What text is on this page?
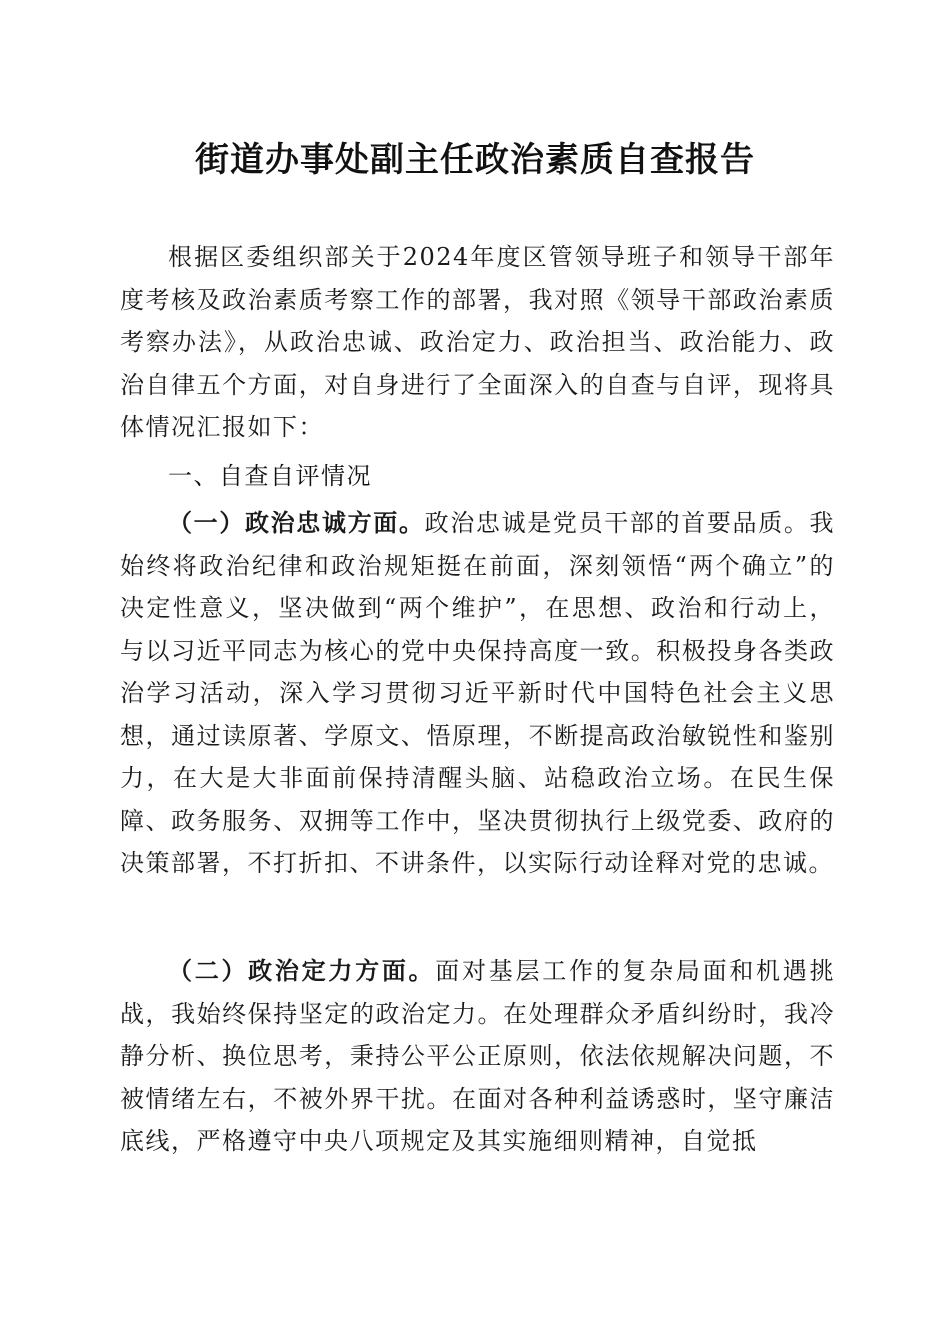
街道办事处副主任政治素质自查报告

根据区委组织部关于2024年度区管领导班子和领导干部年度考核及政治素质考察工作的部署，我对照《领导干部政治素质考察办法》，从政治忠诚、政治定力、政治担当、政治能力、政治自律五个方面，对自身进行了全面深入的自查与自评，现将具体情况汇报如下：

一、自查自评情况

（一）政治忠诚方面。政治忠诚是党员干部的首要品质。我始终将政治纪律和政治规矩挺在前面，深刻领悟“两个确立”的决定性意义，坚决做到“两个维护”，在思想、政治和行动上，与以习近平同志为核心的党中央保持高度一致。积极投身各类政治学习活动，深入学习贯彻习近平新时代中国特色社会主义思想，通过读原著、学原文、悟原理，不断提高政治敏锐性和鉴别力，在大是大非面前保持清醒头脑、站稳政治立场。在民生保障、政务服务、双拥等工作中，坚决贯彻执行上级党委、政府的决策部署，不打折扣、不讲条件，以实际行动诠释对党的忠诚。

（二）政治定力方面。面对基层工作的复杂局面和机遇挑战，我始终保持坚定的政治定力。在处理群众矛盾纠纷时，我冷静分析、换位思考，秉持公平公正原则，依法依规解决问题，不被情绪左右，不被外界干扰。在面对各种利益诱惑时，坚守廉洁底线，严格遵守中央八项规定及其实施细则精神，自觉抵
